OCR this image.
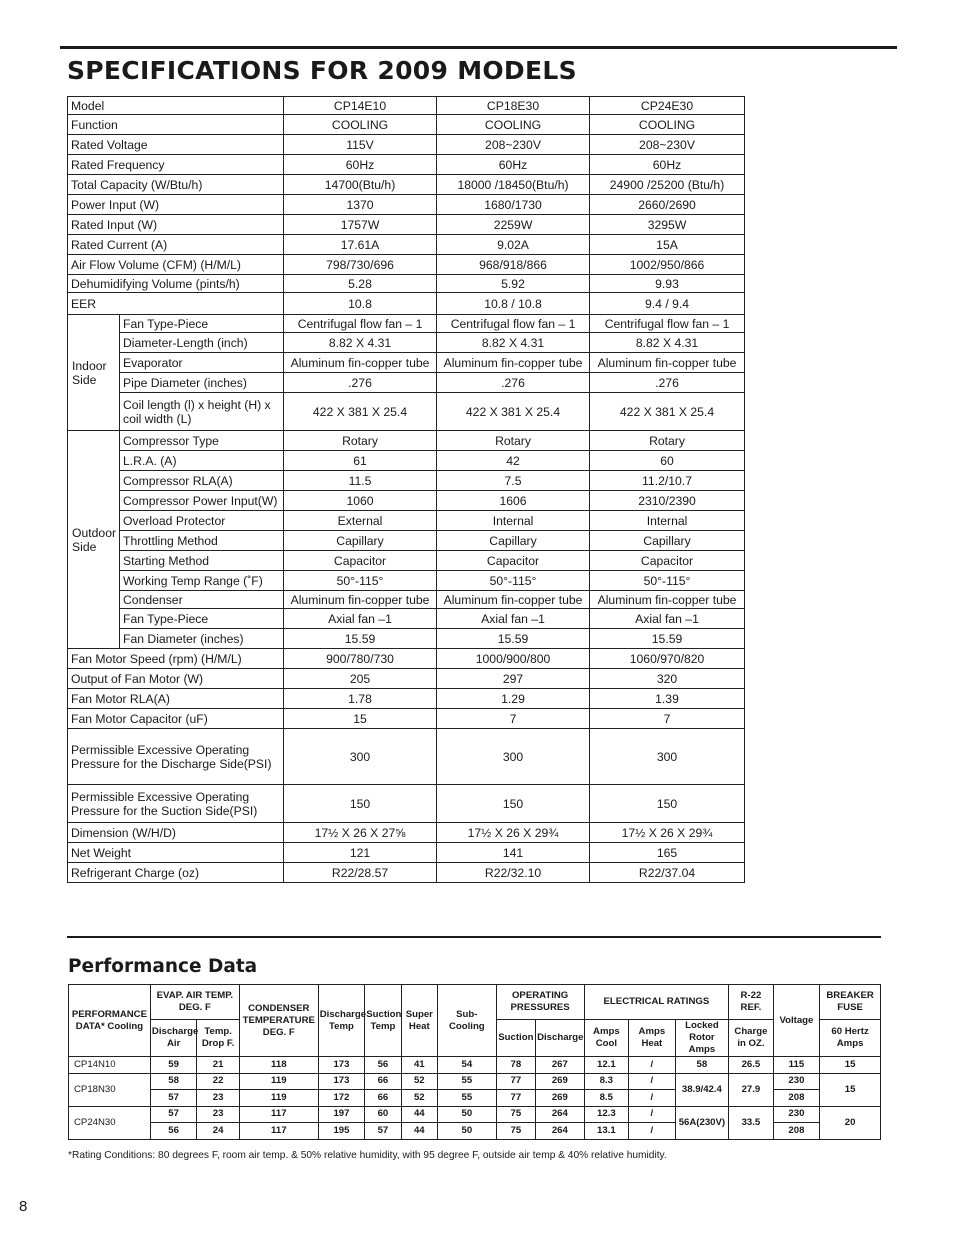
SPECIFICATIONS FOR 2009 MODELS
Model		CP14E10	CP18E30	CP24E30
Function		COOLING	COOLING	COOLING
Rated Voltage		115V	208~230V	208~230V
Rated Frequency		60Hz	60Hz	60Hz
Total Capacity (W/Btu/h)		14700(Btu/h)	18000 /18450(Btu/h)	24900 /25200 (Btu/h)
Power Input (W)		1370	1680/1730	2660/2690
Rated Input (W)		1757W	2259W	3295W
Rated Current (A)		17.61A	9.02A	15A
Air Flow Volume (CFM) (H/M/L)		798/730/696	968/918/866	1002/950/866
Dehumidifying Volume (pints/h)		5.28	5.92	9.93
EER		10.8	10.8 / 10.8	9.4 / 9.4
Indoor Side	Fan Type-Piece	Centrifugal flow fan – 1	Centrifugal flow fan – 1	Centrifugal flow fan – 1
	Diameter-Length (inch)	8.82 X 4.31	8.82 X 4.31	8.82 X 4.31
	Evaporator	Aluminum fin-copper tube	Aluminum fin-copper tube	Aluminum fin-copper tube
	Pipe Diameter (inches)	.276	.276	.276
	Coil length (l) x height (H) x coil width (L)	422 X 381 X 25.4	422 X 381 X 25.4	422 X 381 X 25.4
Outdoor Side	Compressor Type	Rotary	Rotary	Rotary
	L.R.A. (A)	61	42	60
	Compressor RLA(A)	11.5	7.5	11.2/10.7
	Compressor Power Input(W)	1060	1606	2310/2390
	Overload Protector	External	Internal	Internal
	Throttling Method	Capillary	Capillary	Capillary
	Starting Method	Capacitor	Capacitor	Capacitor
	Working Temp Range (˚F)	50°-115°	50°-115°	50°-115°
	Condenser	Aluminum fin-copper tube	Aluminum fin-copper tube	Aluminum fin-copper tube
	Fan Type-Piece	Axial fan –1	Axial fan –1	Axial fan –1
	Fan Diameter (inches)	15.59	15.59	15.59
Fan Motor Speed (rpm) (H/M/L)		900/780/730	1000/900/800	1060/970/820
Output of Fan Motor (W)		205	297	320
Fan Motor RLA(A)		1.78	1.29	1.39
Fan Motor Capacitor (uF)		15	7	7
Permissible Excessive Operating Pressure for the Discharge Side(PSI)		300	300	300
Permissible Excessive Operating Pressure for the Suction Side(PSI)		150	150	150
Dimension (W/H/D)		17½ X 26 X 27⅝	17½ X 26 X 29¾	17½ X 26 X 29¾
Net Weight		121	141	165
Refrigerant Charge (oz)		R22/28.57	R22/32.10	R22/37.04
Performance Data
PERFORMANCE DATA* Cooling	EVAP. AIR TEMP. DEG. F		CONDENSER TEMPERATURE DEG. F	Discharge Temp	Suction Temp	Super Heat	Sub-Cooling	OPERATING PRESSURES		ELECTRICAL RATINGS			R-22 REF.	Voltage	BREAKER FUSE
	Discharge Air	Temp. Drop F.						Suction	Discharge	Amps Cool	Amps Heat	Locked Rotor Amps	Charge in OZ.		60 Hertz Amps
CP14N10	59	21	118	173	56	41	54	78	267	12.1	/	58	26.5	115	15
CP18N30	58	22	119	173	66	52	55	77	269	8.3	/	38.9/42.4	27.9	230	15
	57	23	119	172	66	52	55	77	269	8.5	/			208	
CP24N30	57	23	117	197	60	44	50	75	264	12.3	/	56A(230V)	33.5	230	20
	56	24	117	195	57	44	50	75	264	13.1	/			208	
*Rating Conditions: 80 degrees F, room air temp. & 50% relative humidity, with 95 degree F, outside air temp & 40% relative humidity.
8
